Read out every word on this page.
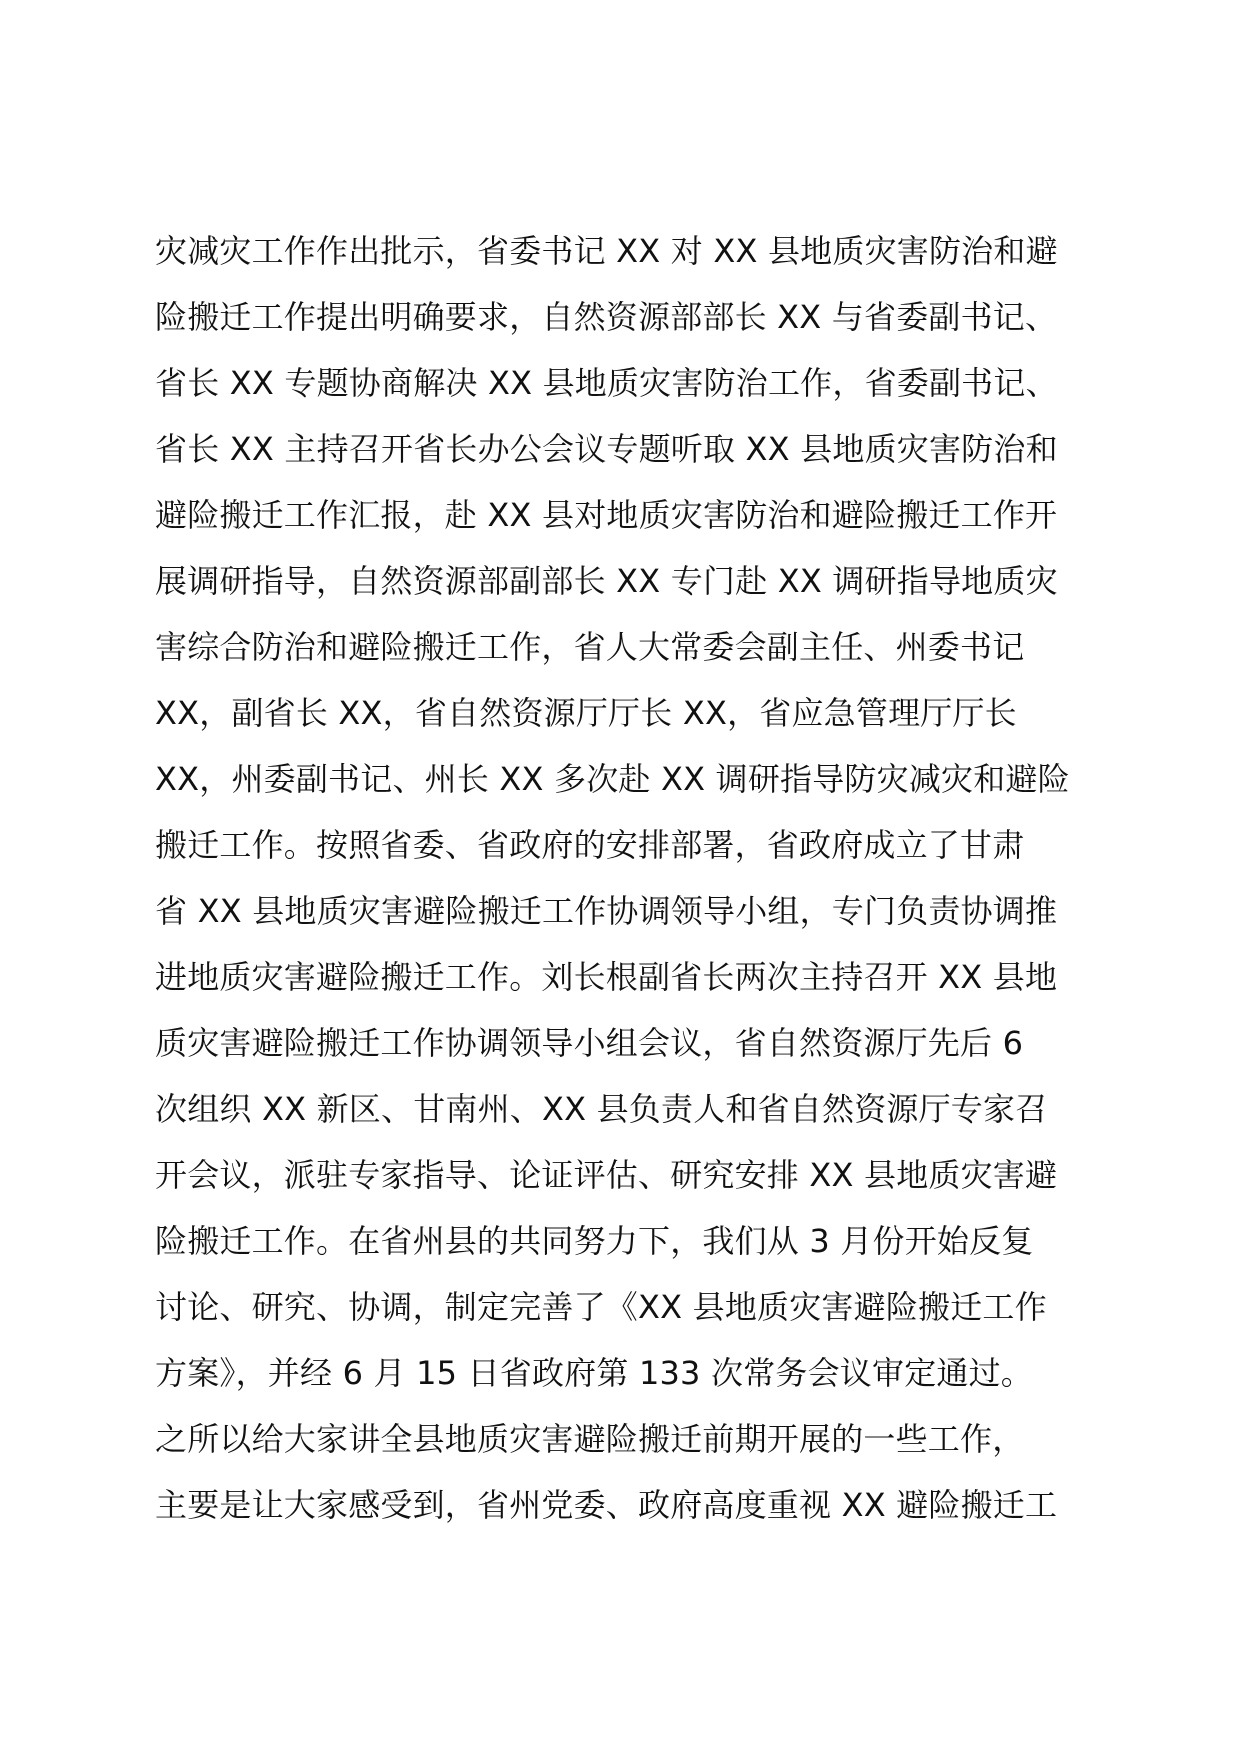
灾减灾工作作出批示，省委书记 XX 对 XX 县地质灾害防治和避
险搬迁工作提出明确要求，自然资源部部长 XX 与省委副书记、
省长 XX 专题协商解决 XX 县地质灾害防治工作，省委副书记、
省长 XX 主持召开省长办公会议专题听取 XX 县地质灾害防治和
避险搬迁工作汇报，赴 XX 县对地质灾害防治和避险搬迁工作开
展调研指导，自然资源部副部长 XX 专门赴 XX 调研指导地质灾
害综合防治和避险搬迁工作，省人大常委会副主任、州委书记
XX，副省长 XX，省自然资源厅厅长 XX，省应急管理厅厅长
XX，州委副书记、州长 XX 多次赴 XX 调研指导防灾减灾和避险
搬迁工作。按照省委、省政府的安排部署，省政府成立了甘肃
省 XX 县地质灾害避险搬迁工作协调领导小组，专门负责协调推
进地质灾害避险搬迁工作。刘长根副省长两次主持召开 XX 县地
质灾害避险搬迁工作协调领导小组会议，省自然资源厅先后 6
次组织 XX 新区、甘南州、XX 县负责人和省自然资源厅专家召
开会议，派驻专家指导、论证评估、研究安排 XX 县地质灾害避
险搬迁工作。在省州县的共同努力下，我们从 3 月份开始反复
讨论、研究、协调，制定完善了《XX 县地质灾害避险搬迁工作
方案》，并经 6 月 15 日省政府第 133 次常务会议审定通过。
之所以给大家讲全县地质灾害避险搬迁前期开展的一些工作，
主要是让大家感受到，省州党委、政府高度重视 XX 避险搬迁工
